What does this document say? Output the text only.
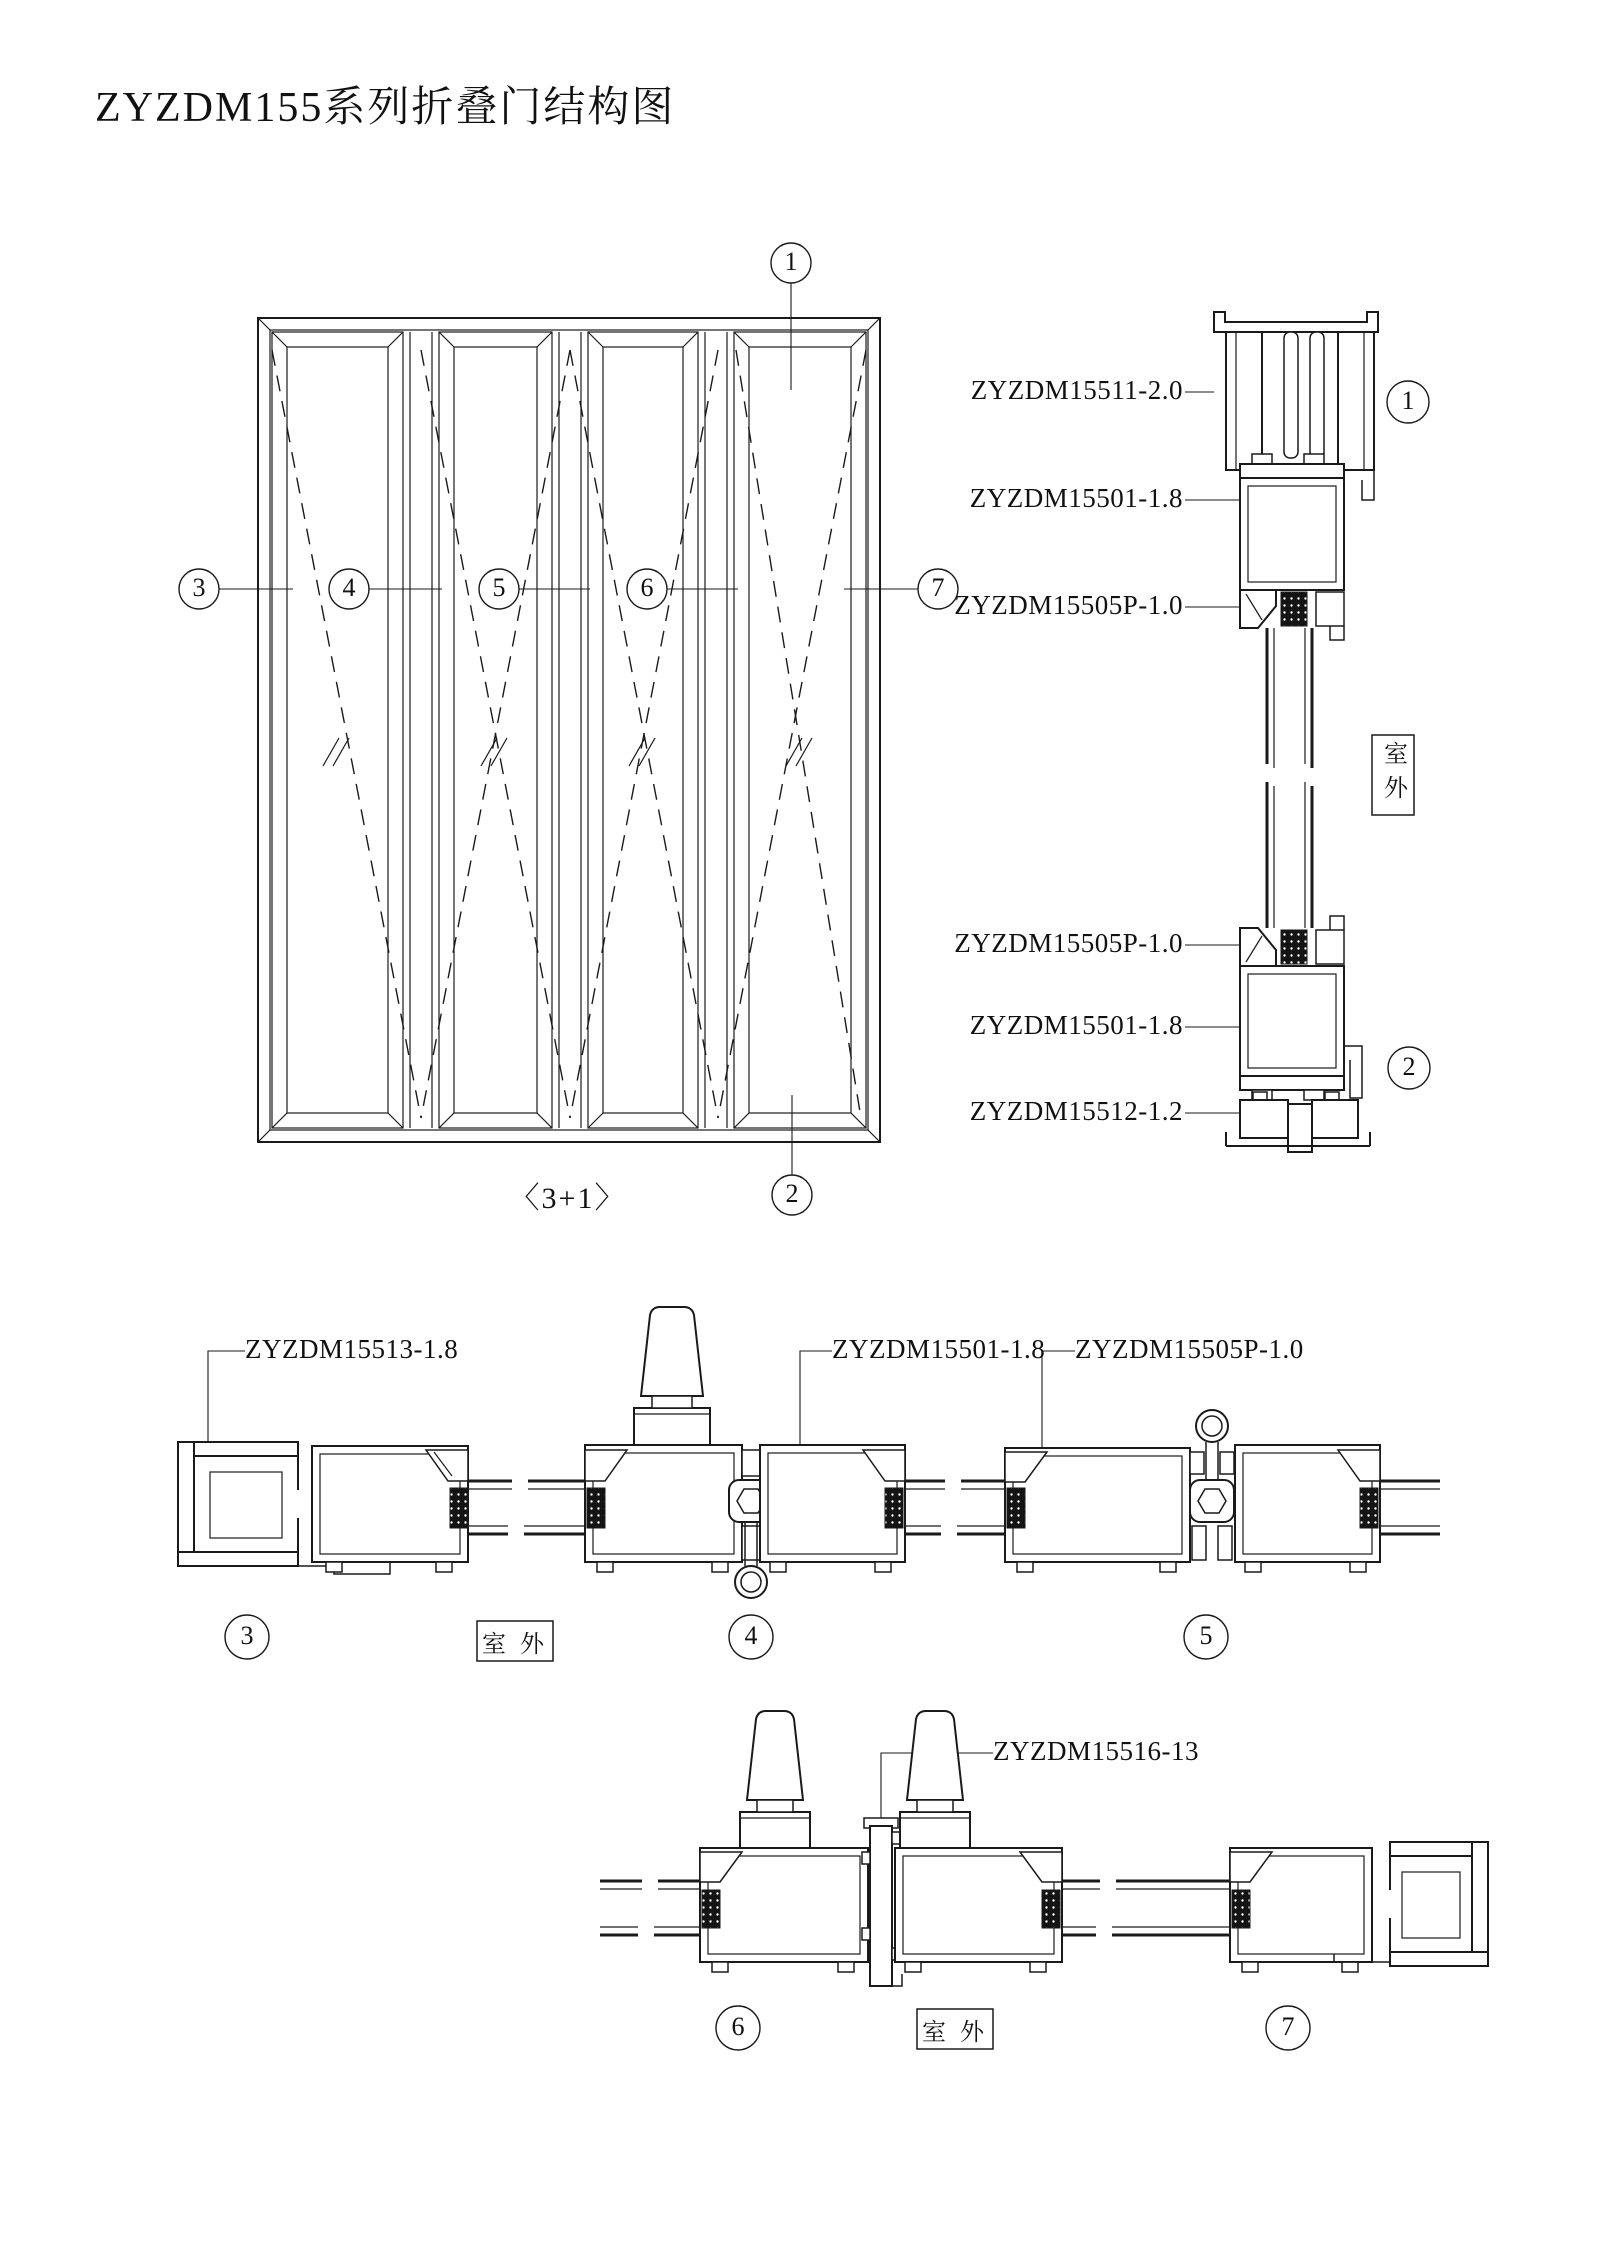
ZYZDM155系列折叠门结构图
ZYZDM15511-2.0
ZYZDM15501-1.8
ZYZDM15505P-1.0
ZYZDM15505P-1.0
ZYZDM15501-1.8
ZYZDM15512-1.2
1
2
3	4	5	6	7
〈3+1〉
1
2
室外
室 外
室 外
ZYZDM15513-1.8	ZYZDM15501-1.8 ZYZDM15505P-1.0
3	4	5
ZYZDM15516-13
6	7
